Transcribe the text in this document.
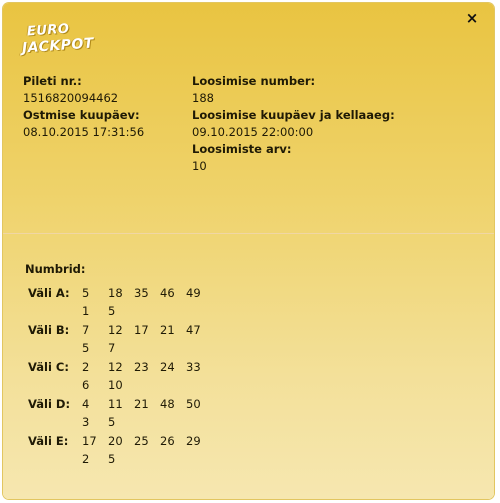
×
EURO
JACKPOT
Pileti nr.:
1516820094462
Ostmise kuupäev:
08.10.2015 17:31:56
Loosimise number:
188
Loosimise kuupäev ja kellaaeg:
09.10.2015 22:00:00
Loosimiste arv:
10
Numbrid:
Väli A:	5 18 35 46 49
1 5
Väli B:	7 12 17 21 47
5 7
Väli C:	2 12 23 24 33
6 10
Väli D:	4 11 21 48 50
3 5
Väli E:	17 20 25 26 29
2 5
